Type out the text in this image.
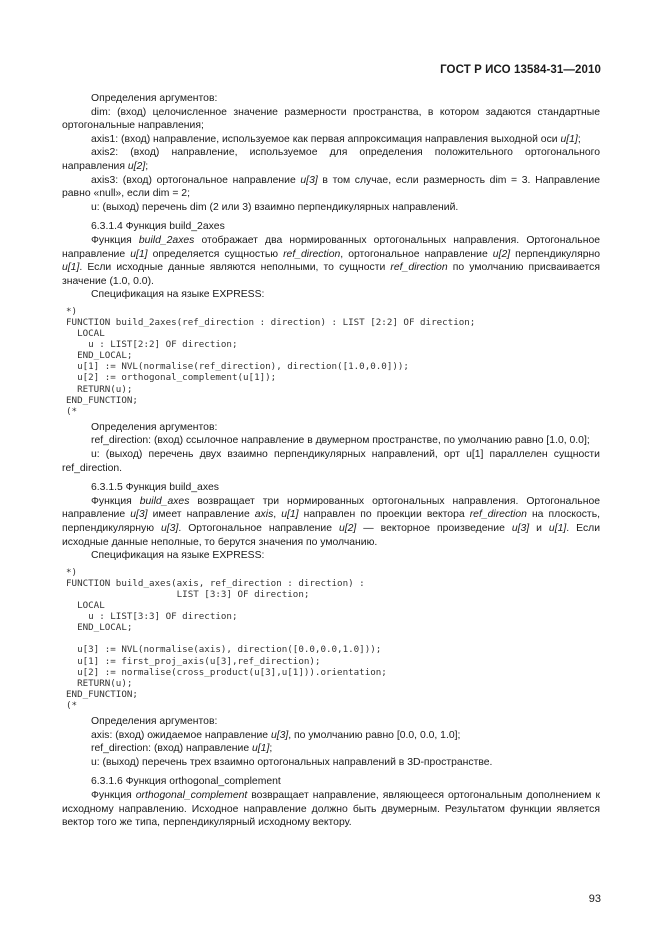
ГОСТ Р ИСО 13584-31—2010

Определения аргументов:

dim: (вход) целочисленное значение размерности пространства, в котором задаются стандартные ортогональные направления;

axis1: (вход) направление, используемое как первая аппроксимация направления выходной оси u[1];

axis2: (вход) направление, используемое для определения положительного ортогонального направления u[2];

axis3: (вход) ортогональное направление u[3] в том случае, если размерность dim = 3. Направление равно «null», если dim = 2;

u: (выход) перечень dim (2 или 3) взаимно перпендикулярных направлений.

6.3.1.4 Функция build_2axes

Функция build_2axes отображает два нормированных ортогональных направления. Ортогональное направление u[1] определяется сущностью ref_direction, ортогональное направление u[2] перпендикулярно u[1]. Если исходные данные являются неполными, то сущности ref_direction по умолчанию присваивается значение (1.0, 0.0).

Спецификация на языке EXPRESS:

*)
FUNCTION build_2axes(ref_direction : direction) : LIST [2:2] OF direction;
LOCAL
u : LIST[2:2] OF direction;
END_LOCAL;
u[1] := NVL(normalise(ref_direction), direction([1.0,0.0]));
u[2] := orthogonal_complement(u[1]);
RETURN(u);
END_FUNCTION;
(*

Определения аргументов:

ref_direction: (вход) ссылочное направление в двумерном пространстве, по умолчанию равно [1.0, 0.0];

u: (выход) перечень двух взаимно перпендикулярных направлений, орт u[1] параллелен сущности ref_direction.

6.3.1.5 Функция build_axes

Функция build_axes возвращает три нормированных ортогональных направления. Ортогональное направление u[3] имеет направление axis, u[1] направлен по проекции вектора ref_direction на плоскость, перпендикулярную u[3]. Ортогональное направление u[2] — векторное произведение u[3] и u[1]. Если исходные данные неполные, то берутся значения по умолчанию.

Спецификация на языке EXPRESS:

*)
FUNCTION build_axes(axis, ref_direction : direction) :
LIST [3:3] OF direction;
LOCAL
u : LIST[3:3] OF direction;
END_LOCAL;

u[3] := NVL(normalise(axis), direction([0.0,0.0,1.0]));
u[1] := first_proj_axis(u[3],ref_direction);
u[2] := normalise(cross_product(u[3],u[1])).orientation;
RETURN(u);
END_FUNCTION;
(*

Определения аргументов:

axis: (вход) ожидаемое направление u[3], по умолчанию равно [0.0, 0.0, 1.0];

ref_direction: (вход) направление u[1];

u: (выход) перечень трех взаимно ортогональных направлений в 3D-пространстве.

6.3.1.6 Функция orthogonal_complement

Функция orthogonal_complement возвращает направление, являющееся ортогональным дополнением к исходному направлению. Исходное направление должно быть двумерным. Результатом функции является вектор того же типа, перпендикулярный исходному вектору.

93
